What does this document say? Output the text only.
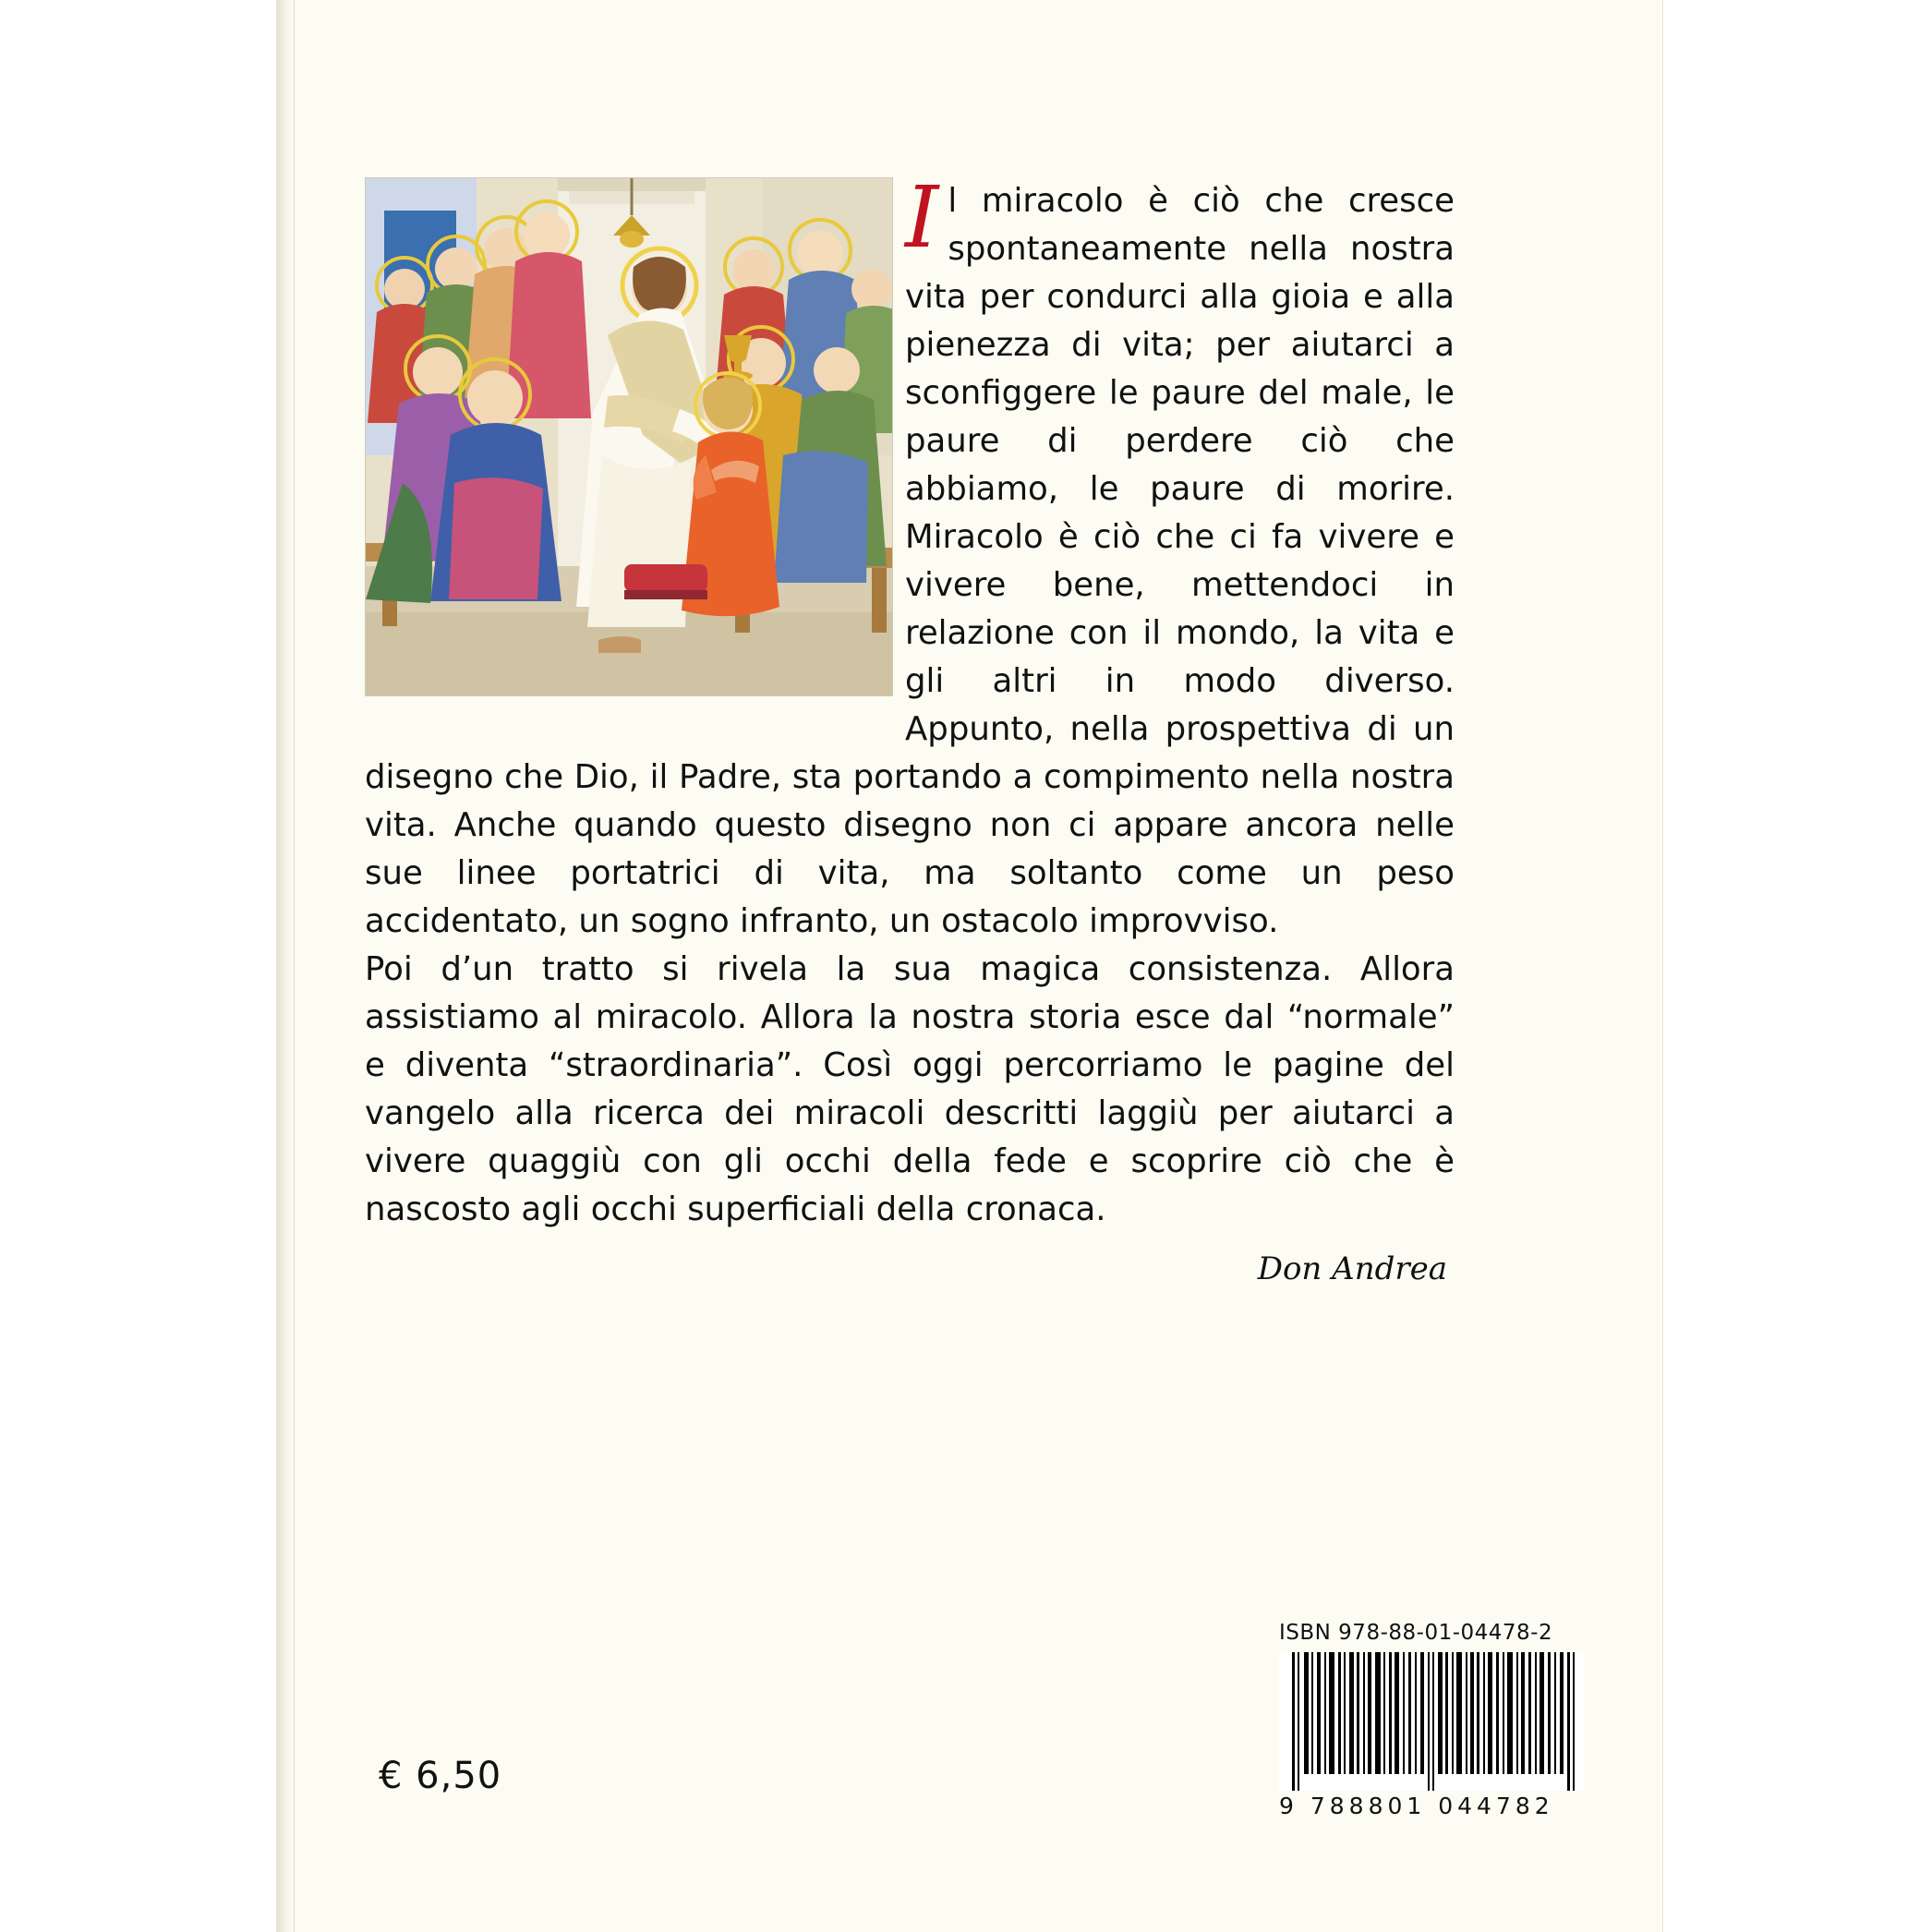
Il miracolo è ciò che cresce spontaneamente nella nostra vita per condurci alla gioia e alla pienezza di vita; per aiutarci a sconfiggere le paure del male, le paure di perdere ciò che abbiamo, le paure di morire. Miracolo è ciò che ci fa vivere e vivere bene, mettendoci in relazione con il mondo, la vita e gli altri in modo diverso. Appunto, nella prospettiva di un disegno che Dio, il Padre, sta portando a compimento nella nostra vita. Anche quando questo disegno non ci appare ancora nelle sue linee portatrici di vita, ma soltanto come un peso accidentato, un sogno infranto, un ostacolo improvviso.

Poi d’un tratto si rivela la sua magica consistenza. Allora assistiamo al miracolo. Allora la nostra storia esce dal “normale” e diventa “straordinaria”. Così oggi percorriamo le pagine del vangelo alla ricerca dei miracoli descritti laggiù per aiutarci a vivere quaggiù con gli occhi della fede e scoprire ciò che è nascosto agli occhi superficiali della cronaca.

Don Andrea
€ 6,50
ISBN 978-88-01-04478-2
9 788801 044782
